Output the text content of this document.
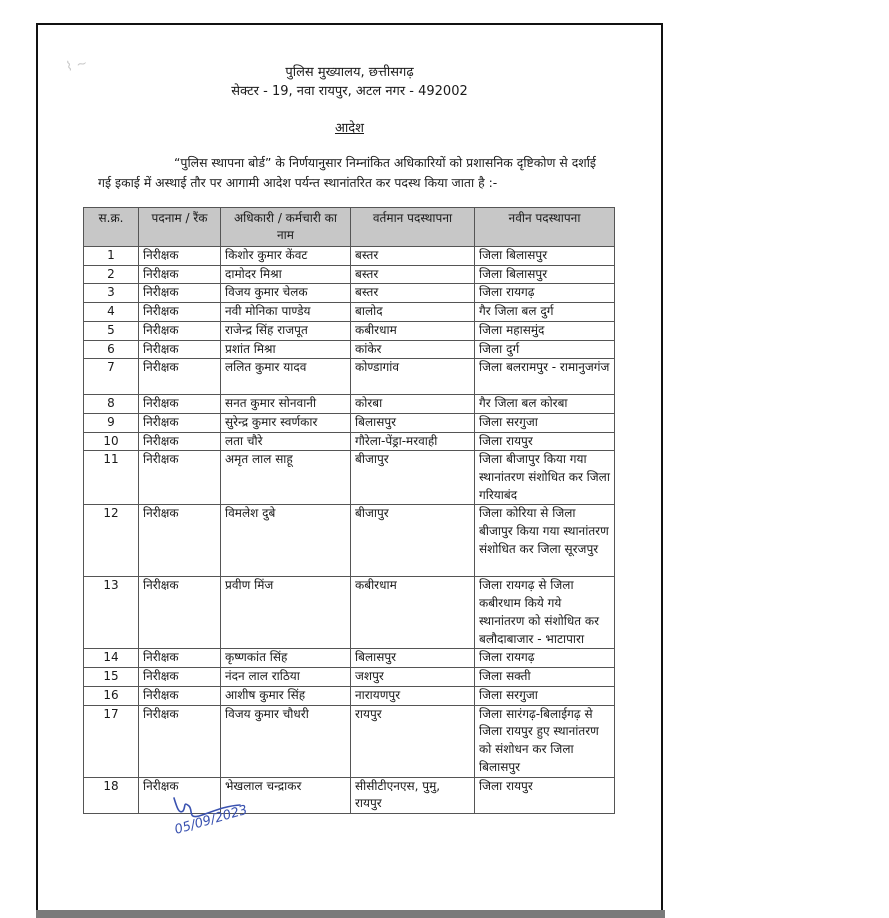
⌇ ~	पुलिस मुख्यालय, छत्तीसगढ़
सेक्टर - 19, नवा रायपुर, अटल नगर - 492002
आदेश

“पुलिस स्थापना बोर्ड” के निर्णयानुसार निम्नांकित अधिकारियों को प्रशासनिक दृष्टिकोण से दर्शाई गई इकाई में अस्थाई तौर पर आगामी आदेश पर्यन्त स्थानांतरित कर पदस्थ किया जाता है :-

स.क्र.	पदनाम / रैंक	अधिकारी / कर्मचारी का नाम	वर्तमान पदस्थापना	नवीन पदस्थापना
1	निरीक्षक	किशोर कुमार केंवट	बस्तर	जिला बिलासपुर
2	निरीक्षक	दामोदर मिश्रा	बस्तर	जिला बिलासपुर
3	निरीक्षक	विजय कुमार चेलक	बस्तर	जिला रायगढ़
4	निरीक्षक	नवी मोनिका पाण्डेय	बालोद	गैर जिला बल दुर्ग
5	निरीक्षक	राजेन्द्र सिंह राजपूत	कबीरधाम	जिला महासमुंद
6	निरीक्षक	प्रशांत मिश्रा	कांकेर	जिला दुर्ग
7	निरीक्षक	ललित कुमार यादव	कोण्डागांव	जिला बलरामपुर - रामानुजगंज
8	निरीक्षक	सनत कुमार सोनवानी	कोरबा	गैर जिला बल कोरबा
9	निरीक्षक	सुरेन्द्र कुमार स्वर्णकार	बिलासपुर	जिला सरगुजा
10	निरीक्षक	लता चौरे	गौरेला-पेंड्रा-मरवाही	जिला रायपुर
11	निरीक्षक	अमृत लाल साहू	बीजापुर	जिला बीजापुर किया गया स्थानांतरण संशोधित कर जिला गरियाबंद
12	निरीक्षक	विमलेश दुबे	बीजापुर	जिला कोरिया से जिला बीजापुर किया गया स्थानांतरण संशोधित कर जिला सूरजपुर
13	निरीक्षक	प्रवीण मिंज	कबीरधाम	जिला रायगढ़ से जिला कबीरधाम किये गये स्थानांतरण को संशोधित कर बलौदाबाजार - भाटापारा
14	निरीक्षक	कृष्णकांत सिंह	बिलासपुर	जिला रायगढ़
15	निरीक्षक	नंदन लाल राठिया	जशपुर	जिला सक्ती
16	निरीक्षक	आशीष कुमार सिंह	नारायणपुर	जिला सरगुजा
17	निरीक्षक	विजय कुमार चौधरी	रायपुर	जिला सारंगढ़-बिलाईगढ़ से जिला रायपुर हुए स्थानांतरण को संशोधन कर जिला बिलासपुर
18	निरीक्षक	भेखलाल चन्द्राकर	सीसीटीएनएस, पुमु, रायपुर	जिला रायपुर
05/09/2023
